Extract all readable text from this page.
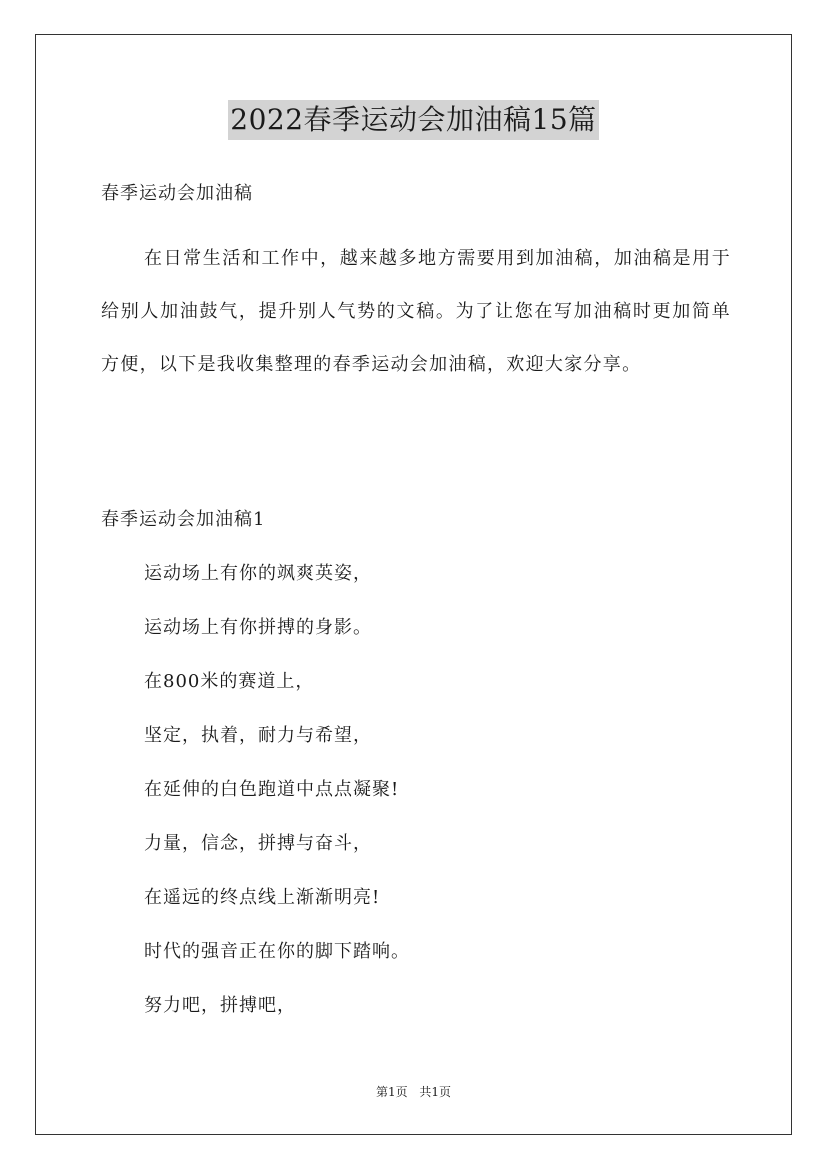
2022春季运动会加油稿15篇
春季运动会加油稿
在日常生活和工作中，越来越多地方需要用到加油稿，加油稿是用于给别人加油鼓气，提升别人气势的文稿。为了让您在写加油稿时更加简单方便，以下是我收集整理的春季运动会加油稿，欢迎大家分享。
春季运动会加油稿1
运动场上有你的飒爽英姿，
运动场上有你拼搏的身影。
在800米的赛道上，
坚定，执着，耐力与希望，
在延伸的白色跑道中点点凝聚!
力量，信念，拼搏与奋斗，
在遥远的终点线上渐渐明亮!
时代的强音正在你的脚下踏响。
努力吧，拼搏吧，
第1页 共1页
